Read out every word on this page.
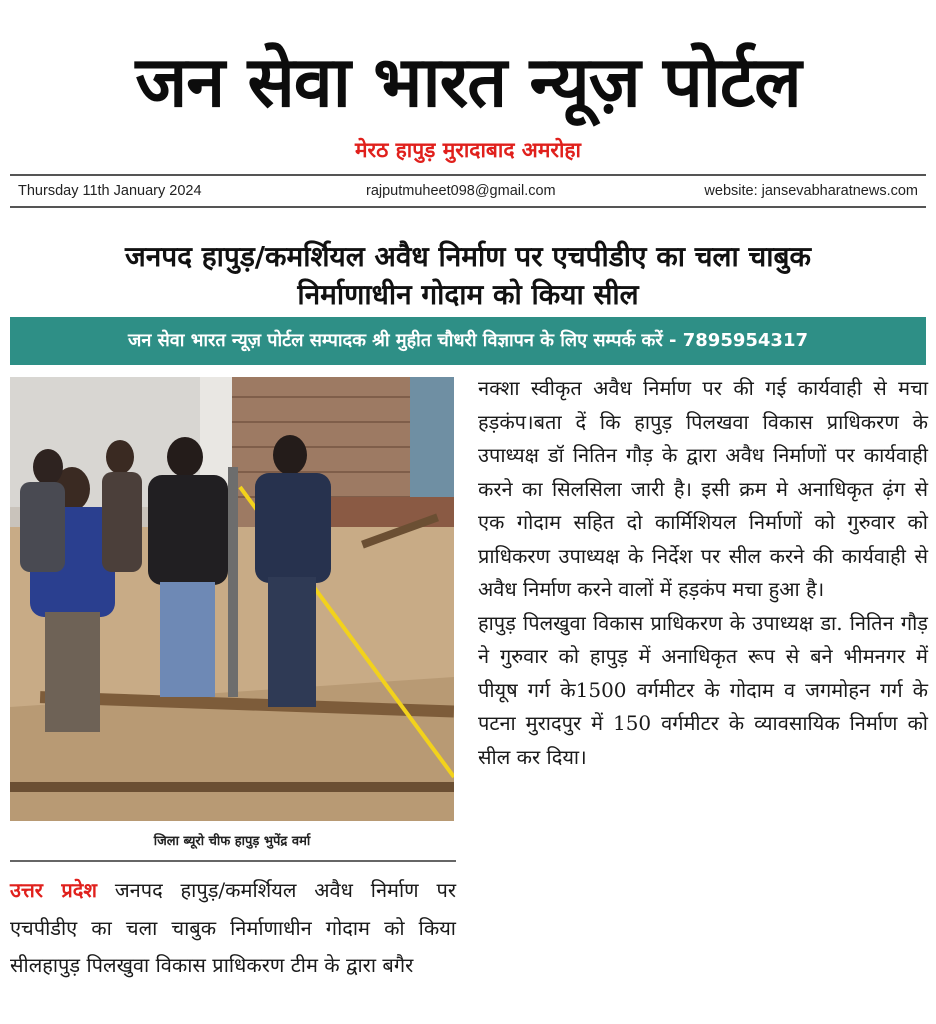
जन सेवा भारत न्यूज़ पोर्टल
मेरठ हापुड़ मुरादाबाद अमरोहा
Thursday 11th January 2024	rajputmuheet098@gmail.com	website: jansevabharatnews.com
जनपद हापुड़/कमर्शियल अवैध निर्माण पर एचपीडीए का चला चाबुक
निर्माणाधीन गोदाम को किया सील
जन सेवा भारत न्यूज़ पोर्टल सम्पादक श्री मुहीत चौधरी विज्ञापन के लिए सम्पर्क करें - 7895954317
जिला ब्यूरो चीफ हापुड़ भुपेंद्र वर्मा
उत्तर प्रदेश जनपद हापुड़/कमर्शियल अवैध निर्माण पर एचपीडीए का चला चाबुक निर्माणाधीन गोदाम को किया सीलहापुड़ पिलखुवा विकास प्राधिकरण टीम के द्वारा बगैर

नक्शा स्वीकृत अवैध निर्माण पर की गई कार्यवाही से मचा हड़कंप।बता दें कि हापुड़ पिलखवा विकास प्राधिकरण के उपाध्यक्ष डॉ नितिन गौड़ के द्वारा अवैध निर्माणों पर कार्यवाही करने का सिलसिला जारी है। इसी क्रम मे अनाधिकृत ढ़ंग से एक गोदाम सहित दो कार्मिशियल निर्माणों को गुरुवार को प्राधिकरण उपाध्यक्ष के निर्देश पर सील करने की कार्यवाही से अवैध निर्माण करने वालों में हड़कंप मचा हुआ है।

हापुड़ पिलखुवा विकास प्राधिकरण के उपाध्यक्ष डा. नितिन गौड़ ने गुरुवार को हापुड़ में अनाधिकृत रूप से बने भीमनगर में पीयूष गर्ग के1500 वर्गमीटर के गोदाम व जगमोहन गर्ग के पटना मुरादपुर में 150 वर्गमीटर के व्यावसायिक निर्माण को सील कर दिया।
